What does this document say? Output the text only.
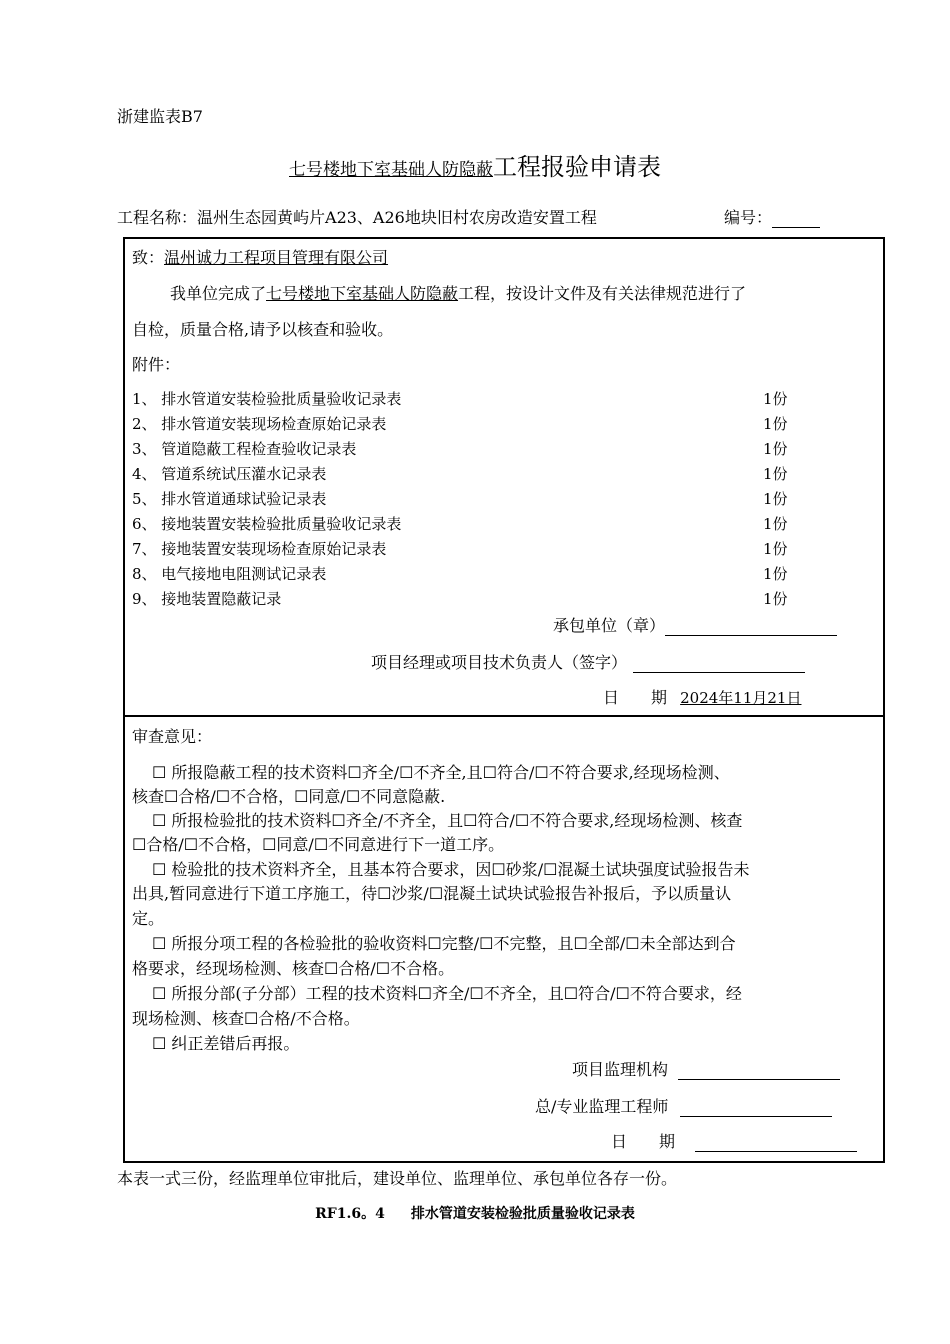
浙建监表B7
七号楼地下室基础人防隐蔽工程报验申请表
工程名称：温州生态园黄屿片A23、A26地块旧村农房改造安置工程	编号：
致：温州诚力工程项目管理有限公司
我单位完成了七号楼地下室基础人防隐蔽工程，按设计文件及有关法律规范进行了
自检，质量合格,请予以核查和验收。
附件：
1、 排水管道安装检验批质量验收记录表	1份
2、 排水管道安装现场检查原始记录表	1份
3、 管道隐蔽工程检查验收记录表	1份
4、 管道系统试压灌水记录表	1份
5、 排水管道通球试验记录表	1份
6、 接地装置安装检验批质量验收记录表	1份
7、 接地装置安装现场检查原始记录表	1份
8、 电气接地电阻测试记录表	1份
9、 接地装置隐蔽记录	1份
承包单位（章）
项目经理或项目技术负责人（签字）
日　　期 2024年11月21日
审查意见：
☐ 所报隐蔽工程的技术资料☐齐全/☐不齐全,且☐符合/☐不符合要求,经现场检测、
核查☐合格/☐不合格，☐同意/☐不同意隐蔽.
☐ 所报检验批的技术资料☐齐全/不齐全，且☐符合/☐不符合要求,经现场检测、核查
☐合格/☐不合格，☐同意/☐不同意进行下一道工序。
☐ 检验批的技术资料齐全，且基本符合要求，因☐砂浆/☐混凝土试块强度试验报告未
出具,暂同意进行下道工序施工，待☐沙浆/☐混凝土试块试验报告补报后，予以质量认
定。
☐ 所报分项工程的各检验批的验收资料☐完整/☐不完整，且☐全部/☐未全部达到合
格要求，经现场检测、核查☐合格/☐不合格。
☐ 所报分部(子分部）工程的技术资料☐齐全/☐不齐全，且☐符合/☐不符合要求，经
现场检测、核查☐合格/不合格。
☐ 纠正差错后再报。
项目监理机构
总/专业监理工程师
日　　期
本表一式三份，经监理单位审批后，建设单位、监理单位、承包单位各存一份。
RF1.6。4 排水管道安装检验批质量验收记录表
